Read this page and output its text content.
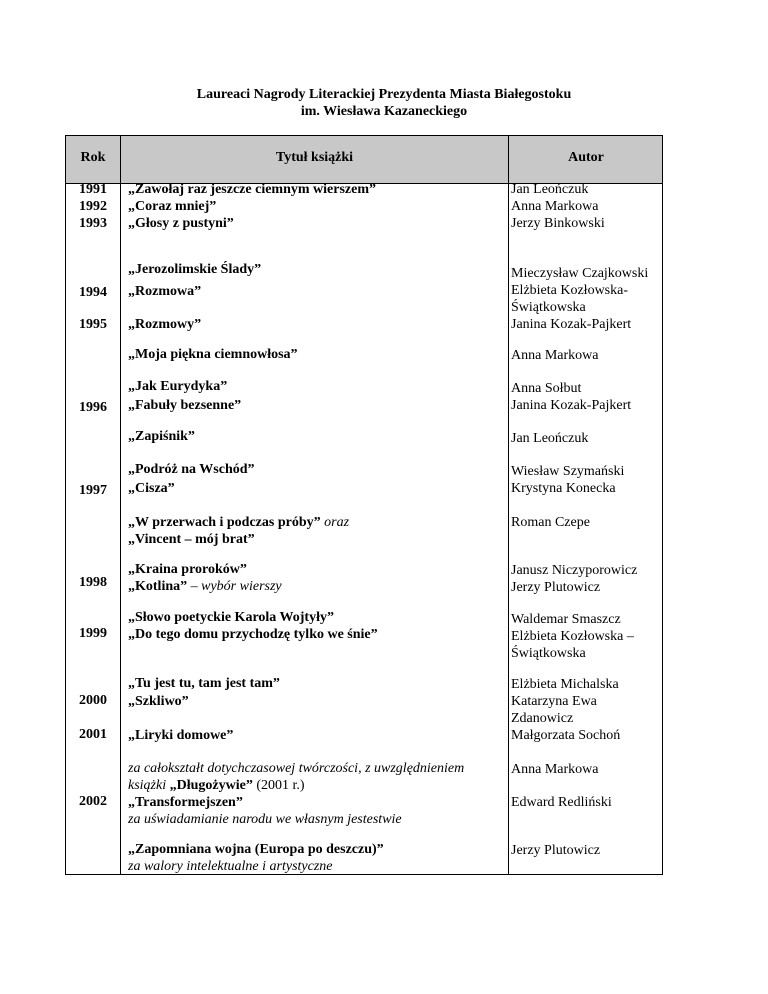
Laureaci Nagrody Literackiej Prezydenta Miasta Białegostoku
im. Wiesława Kazaneckiego
Rok	Tytuł książki	Autor
1991
1992
1993
1994
1995
1996
1997
1998
1999
2000
2001
2002
„Zawołaj raz jeszcze ciemnym wierszem”
„Coraz mniej”
„Głosy z pustyni”
„Jerozolimskie Ślady”
„Rozmowa”
„Rozmowy”
„Moja piękna ciemnowłosa”
„Jak Eurydyka”
„Fabuły bezsenne”
„Zapiśnik”
„Podróż na Wschód”
„Cisza”
„W przerwach i podczas próby” oraz
„Vincent – mój brat”
„Kraina proroków”
„Kotlina” – wybór wierszy
„Słowo poetyckie Karola Wojtyły”
„Do tego domu przychodzę tylko we śnie”
„Tu jest tu, tam jest tam”
„Szkliwo”
„Liryki domowe”
za całokształt dotychczasowej twórczości, z uwzględnieniem
książki „Długożywie” (2001 r.)
„Transformejszen”
za uświadamianie narodu we własnym jestestwie
„Zapomniana wojna (Europa po deszczu)”
za walory intelektualne i artystyczne
Jan Leończuk
Anna Markowa
Jerzy Binkowski
Mieczysław Czajkowski
Elżbieta Kozłowska-
Świątkowska
Janina Kozak-Pajkert
Anna Markowa
Anna Sołbut
Janina Kozak-Pajkert
Jan Leończuk
Wiesław Szymański
Krystyna Konecka
Roman Czepe
Janusz Niczyporowicz
Jerzy Plutowicz
Waldemar Smaszcz
Elżbieta Kozłowska –
Świątkowska
Elżbieta Michalska
Katarzyna Ewa
Zdanowicz
Małgorzata Sochoń
Anna Markowa
Edward Redliński
Jerzy Plutowicz
